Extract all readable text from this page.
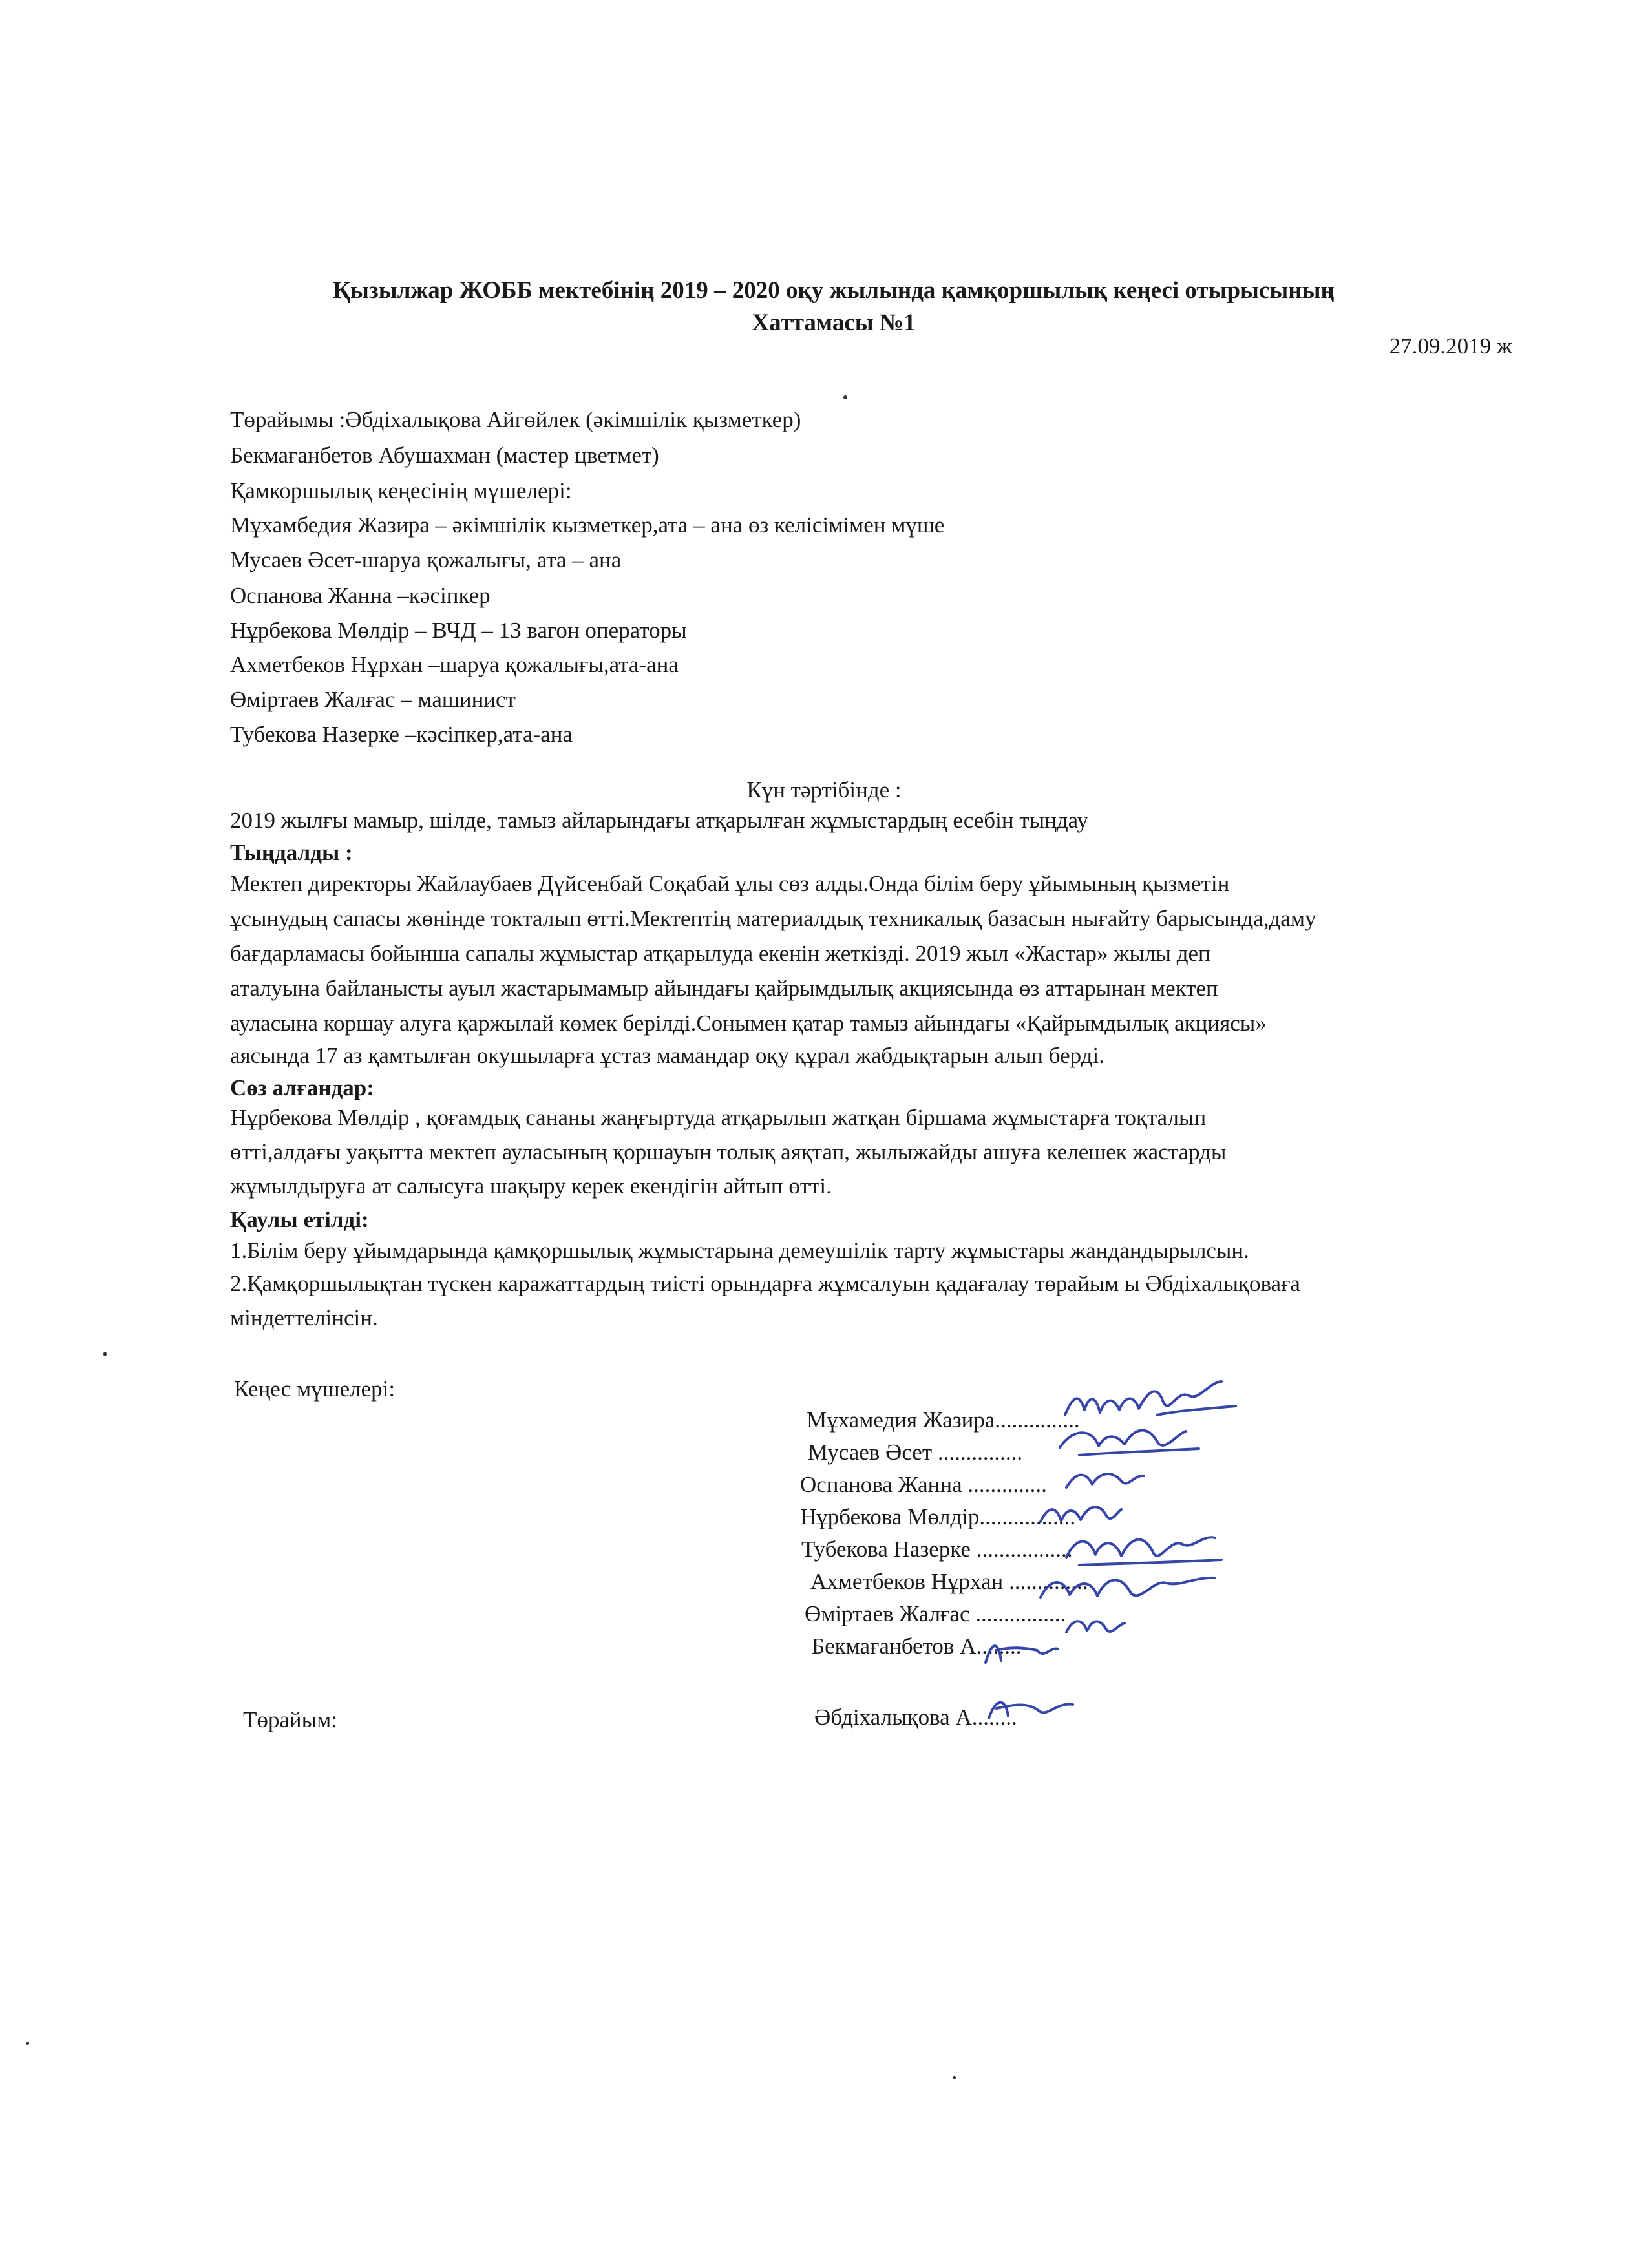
Қызылжар ЖОББ мектебінің 2019 – 2020 оқу жылында қамқоршылық кеңесі отырысының
Хаттамасы №1
27.09.2019 ж
Төрайымы :Әбдіхалықова Айгөйлек (әкімшілік қызметкер)
Бекмағанбетов Абушахман (мастер цветмет)
Қамкоршылық кеңесінің мүшелері:
Мұхамбедия Жазира – әкімшілік кызметкер,ата – ана өз келісімімен мүше
Мусаев Әсет-шаруа қожалығы, ата – ана
Оспанова Жанна –кәсіпкер
Нұрбекова Мөлдір – ВЧД – 13 вагон операторы
Ахметбеков Нұрхан –шаруа қожалығы,ата-ана
Өміртаев Жалғас – машинист
Тубекова Назерке –кәсіпкер,ата-ана
Күн тәртібінде :
2019 жылғы мамыр, шілде, тамыз айларындағы атқарылған жұмыстардың есебін тыңдау
Тыңдалды :
Мектеп директоры Жайлаубаев Дүйсенбай Соқабай ұлы сөз алды.Онда білім беру ұйымының қызметін
ұсынудың сапасы жөнінде токталып өтті.Мектептің материалдық техникалық базасын нығайту барысында,даму
бағдарламасы бойынша сапалы жұмыстар атқарылуда екенін жеткізді. 2019 жыл «Жастар» жылы деп
аталуына байланысты ауыл жастарымамыр айындағы қайрымдылық акциясында өз аттарынан мектеп
ауласына коршау алуға қаржылай көмек берілді.Сонымен қатар тамыз айындағы «Қайрымдылық акциясы»
аясында 17 аз қамтылған окушыларға ұстаз мамандар оқу құрал жабдықтарын алып берді.
Сөз алғандар:
Нұрбекова Мөлдір , қоғамдық сананы жаңғыртуда атқарылып жатқан біршама жұмыстарға тоқталып
өтті,алдағы уақытта мектеп ауласының қоршауын толық аяқтап, жылыжайды ашуға келешек жастарды
жұмылдыруға ат салысуға шақыру керек екендігін айтып өтті.
Қаулы етілді:
1.Білім беру ұйымдарында қамқоршылық жұмыстарына демеушілік тарту жұмыстары жандандырылсын.
2.Қамқоршылықтан түскен каражаттардың тиісті орындарға жұмсалуын қадағалау төрайым ы Әбдіхалықоваға
міндеттелінсін.
Кеңес мүшелері:
Мұхамедия Жазира...............
Мусаев Әсет ...............
Оспанова Жанна ..............
Нұрбекова Мөлдір.................
Тубекова Назерке .................
Ахметбеков Нұрхан ..............
Өміртаев Жалғас ................
Бекмағанбетов А........
Төрайым:	Әбдіхалықова А........
